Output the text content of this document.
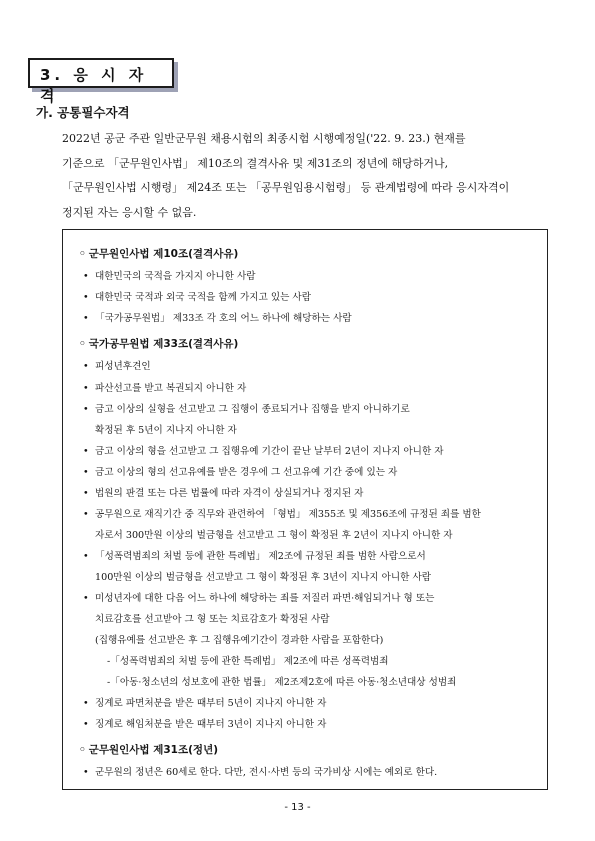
3. 응 시 자 격
가. 공통필수자격
2022년 공군 주관 일반군무원 채용시험의 최종시험 시행예정일('22. 9. 23.) 현재를
기준으로 「군무원인사법」 제10조의 결격사유 및 제31조의 정년에 해당하거나,
「군무원인사법 시행령」 제24조 또는 「공무원임용시험령」 등 관계법령에 따라 응시자격이
정지된 자는 응시할 수 없음.
◦ 군무원인사법 제10조(결격사유)
• 대한민국의 국적을 가지지 아니한 사람
• 대한민국 국적과 외국 국적을 함께 가지고 있는 사람
• 「국가공무원법」 제33조 각 호의 어느 하나에 해당하는 사람
◦ 국가공무원법 제33조(결격사유)
• 피성년후견인
• 파산선고를 받고 복권되지 아니한 자
• 금고 이상의 실형을 선고받고 그 집행이 종료되거나 집행을 받지 아니하기로
확정된 후 5년이 지나지 아니한 자
• 금고 이상의 형을 선고받고 그 집행유예 기간이 끝난 날부터 2년이 지나지 아니한 자
• 금고 이상의 형의 선고유예를 받은 경우에 그 선고유예 기간 중에 있는 자
• 법원의 판결 또는 다른 법률에 따라 자격이 상실되거나 정지된 자
• 공무원으로 재직기간 중 직무와 관련하여 「형법」 제355조 및 제356조에 규정된 죄를 범한
자로서 300만원 이상의 벌금형을 선고받고 그 형이 확정된 후 2년이 지나지 아니한 자
• 「성폭력범죄의 처벌 등에 관한 특례법」 제2조에 규정된 죄를 범한 사람으로서
100만원 이상의 벌금형을 선고받고 그 형이 확정된 후 3년이 지나지 아니한 사람
• 미성년자에 대한 다음 어느 하나에 해당하는 죄를 저질러 파면·해임되거나 형 또는
치료감호를 선고받아 그 형 또는 치료감호가 확정된 사람
(집행유예를 선고받은 후 그 집행유예기간이 경과한 사람을 포함한다)
-「성폭력범죄의 처벌 등에 관한 특례법」 제2조에 따른 성폭력범죄
-「아동·청소년의 성보호에 관한 법률」 제2조제2호에 따른 아동·청소년대상 성범죄
• 징계로 파면처분을 받은 때부터 5년이 지나지 아니한 자
• 징계로 해임처분을 받은 때부터 3년이 지나지 아니한 자
◦ 군무원인사법 제31조(정년)
• 군무원의 정년은 60세로 한다. 다만, 전시·사변 등의 국가비상 시에는 예외로 한다.
- 13 -
